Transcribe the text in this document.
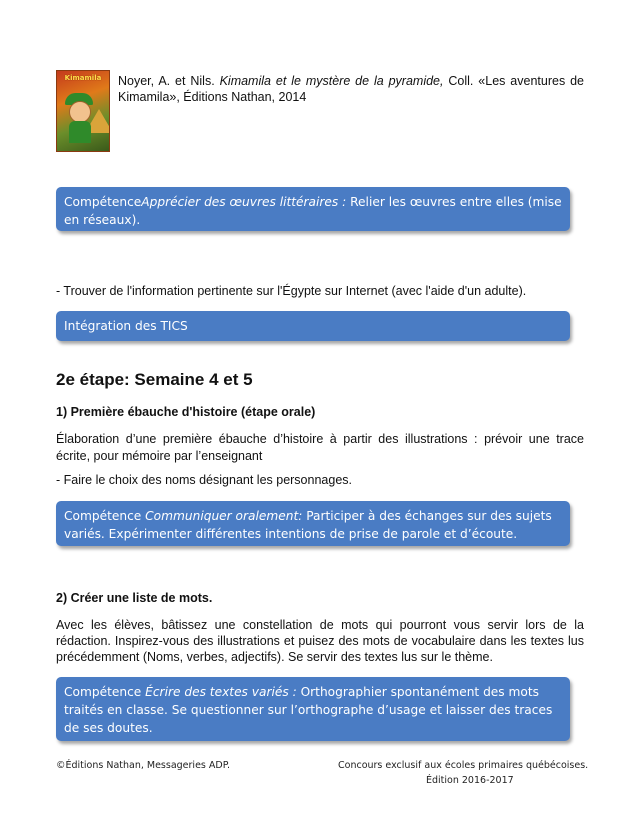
Kimamila	Noyer, A. et Nils. Kimamila et le mystère de la pyramide, Coll. «Les aventures de Kimamila», Éditions Nathan, 2014
CompétenceApprécier des œuvres littéraires : Relier les œuvres entre elles (mise en réseaux).
- Trouver de l'information pertinente sur l'Égypte sur Internet (avec l'aide d'un adulte).
Intégration des TICS
2e étape: Semaine 4 et 5
1) Première ébauche d'histoire (étape orale)
Élaboration d’une première ébauche d’histoire à partir des illustrations : prévoir une trace écrite, pour mémoire par l’enseignant
- Faire le choix des noms désignant les personnages.
Compétence Communiquer oralement: Participer à des échanges sur des sujets variés. Expérimenter différentes intentions de prise de parole et d’écoute.
2) Créer une liste de mots.
Avec les élèves, bâtissez une constellation de mots qui pourront vous servir lors de la rédaction. Inspirez-vous des illustrations et puisez des mots de vocabulaire dans les textes lus précédemment (Noms, verbes, adjectifs). Se servir des textes lus sur le thème.
Compétence Écrire des textes variés : Orthographier spontanément des mots traités en classe. Se questionner sur l’orthographe d’usage et laisser des traces de ses doutes.
©Éditions Nathan, Messageries ADP.	Concours exclusif aux écoles primaires québécoises.
Édition 2016-2017
